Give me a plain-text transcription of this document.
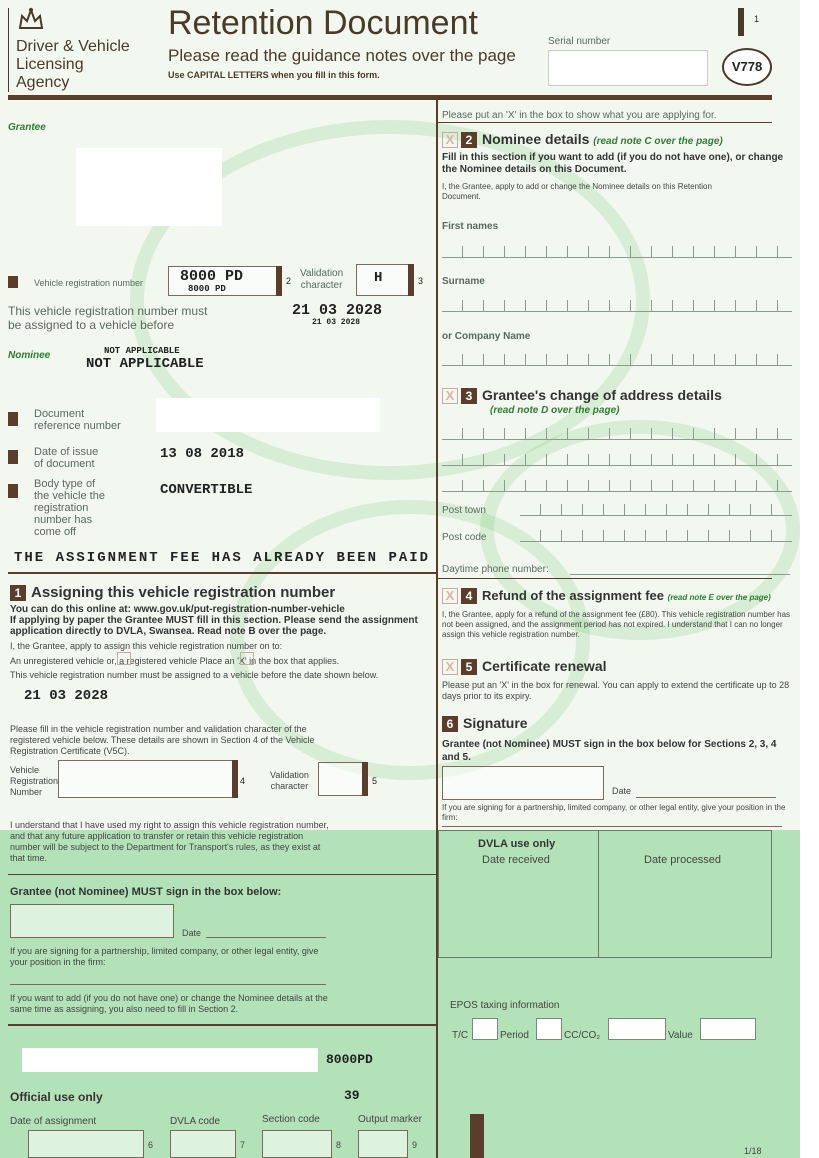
Driver & Vehicle
Licensing
Agency
Retention Document
Please read the guidance notes over the page
Use CAPITAL LETTERS when you fill in this form.
Serial number
V778
1
Grantee
Vehicle registration number 8000 PD
8000 PD
2
Validation
character H	3
This vehicle registration number must
be assigned to a vehicle before
21 03 2028
21 03 2028
Nominee	NOT APPLICABLE
NOT APPLICABLE
Document
reference number
Date of issue
of document
13 08 2018
Body type of
the vehicle the
registration
number has
come off
CONVERTIBLE
THE ASSIGNMENT FEE HAS ALREADY BEEN PAID
1 Assigning this vehicle registration number
You can do this online at: www.gov.uk/put-registration-number-vehicle
If applying by paper the Grantee MUST fill in this section. Please send the assignment application directly to DVLA, Swansea. Read note B over the page.
I, the Grantee, apply to assign this vehicle registration number on to:
An unregistered vehicle or, a registered vehicle Place an 'X' in the box that applies.
This vehicle registration number must be assigned to a vehicle before the date shown below.
21 03 2028
Please fill in the vehicle registration number and validation character of the registered vehicle below. These details are shown in Section 4 of the Vehicle Registration Certificate (V5C).
Vehicle
Registration
Number
4
Validation
character	5
I understand that I have used my right to assign this vehicle registration number, and that any future application to transfer or retain this vehicle registration number will be subject to the Department for Transport's rules, as they exist at that time.
Grantee (not Nominee) MUST sign in the box below:
Date
If you are signing for a partnership, limited company, or other legal entity, give your position in the firm:
If you want to add (if you do not have one) or change the Nominee details at the same time as assigning, you also need to fill in Section 2.
8000PD
39
Official use only
Date of assignment	DVLA code	Section code	Output marker
6	7	8	9
Please put an 'X' in the box to show what you are applying for.
X 2 Nominee details (read note C over the page)
Fill in this section if you want to add (if you do not have one), or change the Nominee details on this Document.
I, the Grantee, apply to add or change the Nominee details on this Retention Document.
First names
Surname
or Company Name
X 3 Grantee's change of address details
(read note D over the page)
Post town
Post code
Daytime phone number:
X 4 Refund of the assignment fee (read note E over the page)
I, the Grantee, apply for a refund of the assignment fee (£80). This vehicle registration number has not been assigned, and the assignment period has not expired. I understand that I can no longer assign this vehicle registration number.
X 5 Certificate renewal
Please put an 'X' in the box for renewal. You can apply to extend the certificate up to 28 days prior to its expiry.
6 Signature
Grantee (not Nominee) MUST sign in the box below for Sections 2, 3, 4 and 5.
Date
If you are signing for a partnership, limited company, or other legal entity, give your position in the firm:
DVLA use only
Date received	Date processed
EPOS taxing information
T/C	Period	CC/CO₂	Value
1/18
